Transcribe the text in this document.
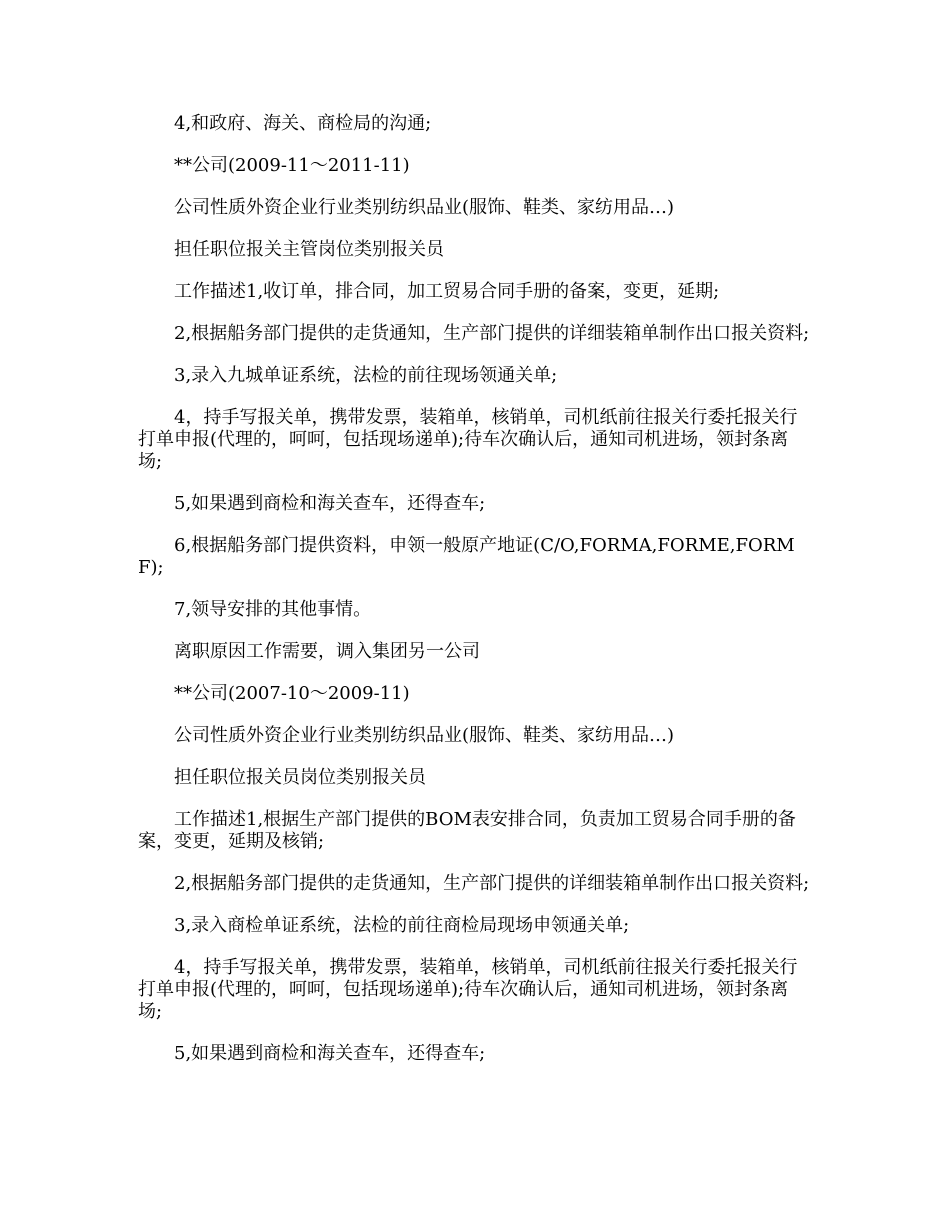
4,和政府、海关、商检局的沟通;

**公司(2009-11～2011-11)

公司性质外资企业行业类别纺织品业(服饰、鞋类、家纺用品…)

担任职位报关主管岗位类别报关员

工作描述1,收订单，排合同，加工贸易合同手册的备案，变更，延期;

2,根据船务部门提供的走货通知，生产部门提供的详细装箱单制作出口报关资料;

3,录入九城单证系统，法检的前往现场领通关单;

4，持手写报关单，携带发票，装箱单，核销单，司机纸前往报关行委托报关行打单申报(代理的，呵呵，包括现场递单);待车次确认后，通知司机进场，领封条离场;

5,如果遇到商检和海关查车，还得查车;

6,根据船务部门提供资料，申领一般原产地证(C/O,FORMA,FORME,FORMF);

7,领导安排的其他事情。

离职原因工作需要，调入集团另一公司

**公司(2007-10～2009-11)

公司性质外资企业行业类别纺织品业(服饰、鞋类、家纺用品…)

担任职位报关员岗位类别报关员

工作描述1,根据生产部门提供的BOM表安排合同，负责加工贸易合同手册的备案，变更，延期及核销;

2,根据船务部门提供的走货通知，生产部门提供的详细装箱单制作出口报关资料;

3,录入商检单证系统，法检的前往商检局现场申领通关单;

4，持手写报关单，携带发票，装箱单，核销单，司机纸前往报关行委托报关行打单申报(代理的，呵呵，包括现场递单);待车次确认后，通知司机进场，领封条离场;

5,如果遇到商检和海关查车，还得查车;
